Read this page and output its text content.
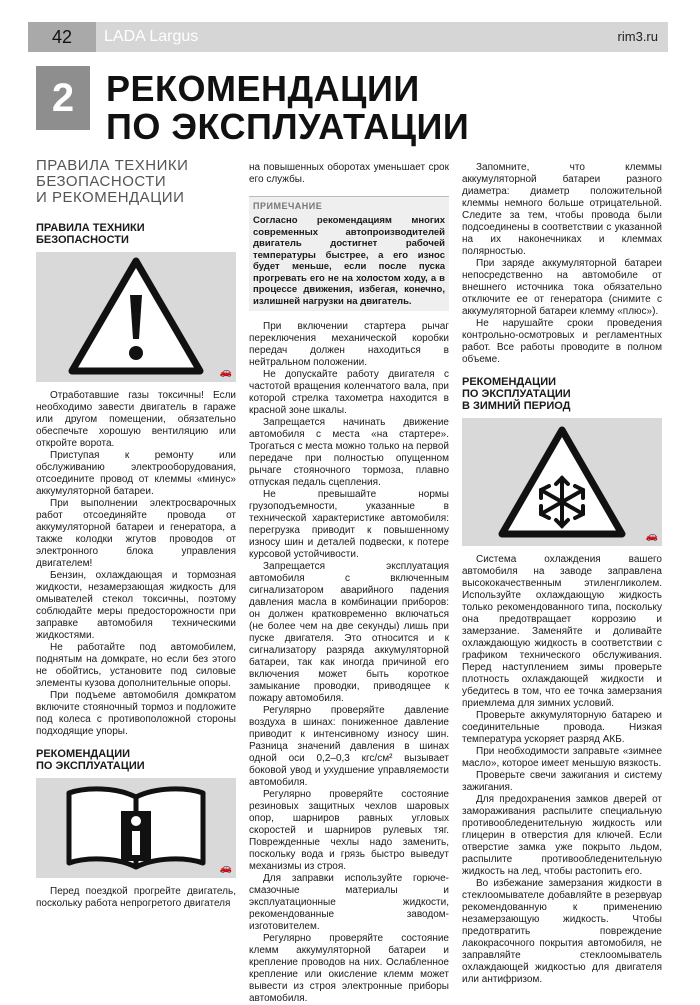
42	LADA Largus	rim3.ru
2 РЕКОМЕНДАЦИИ
ПО ЭКСПЛУАТАЦИИ
ПРАВИЛА ТЕХНИКИ
БЕЗОПАСНОСТИ
И РЕКОМЕНДАЦИИ
ПРАВИЛА ТЕХНИКИ
БЕЗОПАСНОСТИ
🚗

Отработавшие газы токсичны! Если необходимо завести двигатель в гараже или другом помещении, обязательно обеспечьте хорошую вентиляцию или откройте ворота.

Приступая к ремонту или обслуживанию электрооборудования, отсоедините провод от клеммы «минус» аккумуляторной батареи.

При выполнении электросварочных работ отсоединяйте провода от аккумуляторной батареи и генератора, а также колодки жгутов проводов от электронного блока управления двигателем!

Бензин, охлаждающая и тормозная жидкости, незамерзающая жидкость для омывателей стекол токсичны, поэтому соблюдайте меры предосторожности при заправке автомобиля техническими жидкостями.

Не работайте под автомобилем, поднятым на домкрате, но если без этого не обойтись, установите под силовые элементы кузова дополнительные опоры.

При подъеме автомобиля домкратом включите стояночный тормоз и подложите под колеса с противоположной стороны подходящие упоры.

РЕКОМЕНДАЦИИ
ПО ЭКСПЛУАТАЦИИ
🚗

Перед поездкой прогрейте двигатель, поскольку работа непрогретого двигателя

на повышенных оборотах уменьшает срок его службы.
ПРИМЕЧАНИЕ
Согласно рекомендациям многих современных автопроизводителей двигатель достигнет рабочей температуры быстрее, а его износ будет меньше, если после пуска прогревать его не на холостом ходу, а в процессе движения, избегая, конечно, излишней нагрузки на двигатель.

При включении стартера рычаг переключения механической коробки передач должен находиться в нейтральном положении.

Не допускайте работу двигателя с частотой вращения коленчатого вала, при которой стрелка тахометра находится в красной зоне шкалы.

Запрещается начинать движение автомобиля с места «на стартере». Трогаться с места можно только на первой передаче при полностью опущенном рычаге стояночного тормоза, плавно отпуская педаль сцепления.

Не превышайте нормы грузоподъемности, указанные в технической характеристике автомобиля: перегрузка приводит к повышенному износу шин и деталей подвески, к потере курсовой устойчивости.

Запрещается эксплуатация автомобиля с включенным сигнализатором аварийного падения давления масла в комбинации приборов: он должен кратковременно включаться (не более чем на две секунды) лишь при пуске двигателя. Это относится и к сигнализатору разряда аккумуляторной батареи, так как иногда причиной его включения может быть короткое замыкание проводки, приводящее к пожару автомобиля.

Регулярно проверяйте давление воздуха в шинах: пониженное давление приводит к интенсивному износу шин. Разница значений давления в шинах одной оси 0,2–0,3 кгс/см² вызывает боковой увод и ухудшение управляемости автомобиля.

Регулярно проверяйте состояние резиновых защитных чехлов шаровых опор, шарниров равных угловых скоростей и шарниров рулевых тяг. Поврежденные чехлы надо заменить, поскольку вода и грязь быстро выведут механизмы из строя.

Для заправки используйте горюче-смазочные материалы и эксплуатационные жидкости, рекомендованные заводом-изготовителем.

Регулярно проверяйте состояние клемм аккумуляторной батареи и крепление проводов на них. Ослабленное крепление или окисление клемм может вывести из строя электронные приборы автомобиля.

Запомните, что клеммы аккумуляторной батареи разного диаметра: диаметр положительной клеммы немного больше отрицательной. Следите за тем, чтобы провода были подсоединены в соответствии с указанной на их наконечниках и клеммах полярностью.

При заряде аккумуляторной батареи непосредственно на автомобиле от внешнего источника тока обязательно отключите ее от генератора (снимите с аккумуляторной батареи клемму «плюс»).

Не нарушайте сроки проведения контрольно-осмотровых и регламентных работ. Все работы проводите в полном объеме.

РЕКОМЕНДАЦИИ
ПО ЭКСПЛУАТАЦИИ
В ЗИМНИЙ ПЕРИОД
🚗

Система охлаждения вашего автомобиля на заводе заправлена высококачественным этиленгликолем. Используйте охлаждающую жидкость только рекомендованного типа, поскольку она предотвращает коррозию и замерзание. Заменяйте и доливайте охлаждающую жидкость в соответствии с графиком технического обслуживания. Перед наступлением зимы проверьте плотность охлаждающей жидкости и убедитесь в том, что ее точка замерзания приемлема для зимних условий.

Проверьте аккумуляторную батарею и соединительные провода. Низкая температура ускоряет разряд АКБ.

При необходимости заправьте «зимнее масло», которое имеет меньшую вязкость.

Проверьте свечи зажигания и систему зажигания.

Для предохранения замков дверей от замораживания распылите специальную противообледенительную жидкость или глицерин в отверстия для ключей. Если отверстие замка уже покрыто льдом, распылите противообледенительную жидкость на лед, чтобы растопить его.

Во избежание замерзания жидкости в стеклоомывателе добавляйте в резервуар рекомендованную к применению незамерзающую жидкость. Чтобы предотвратить повреждение лакокрасочного покрытия автомобиля, не заправляйте стеклоомыватель охлаждающей жидкостью для двигателя или антифризом.
